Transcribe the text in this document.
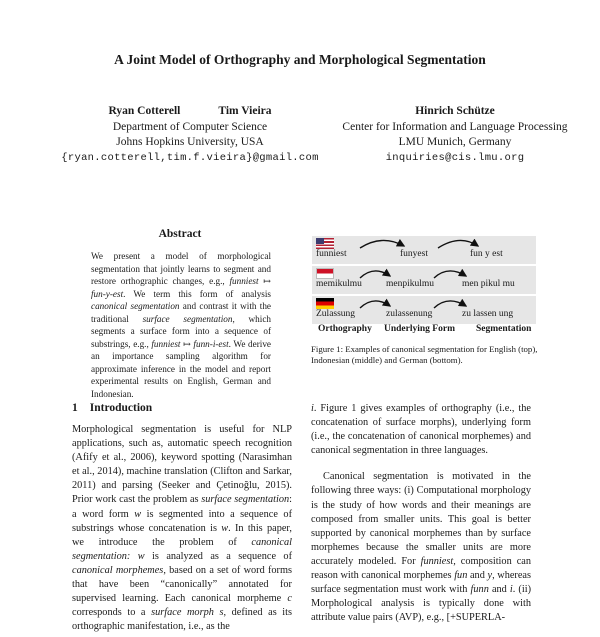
A Joint Model of Orthography and Morphological Segmentation
Ryan Cotterell	Tim Vieira
Department of Computer Science
Johns Hopkins University, USA
{ryan.cotterell,tim.f.vieira}@gmail.com
Hinrich Schütze
Center for Information and Language Processing
LMU Munich, Germany
inquiries@cis.lmu.org
Abstract
We present a model of morphological segmentation that jointly learns to segment and restore orthographic changes, e.g., funniest ↦ fun-y-est. We term this form of analysis canonical segmentation and contrast it with the traditional surface segmentation, which segments a surface form into a sequence of substrings, e.g., funniest ↦ funn-i-est. We derive an importance sampling algorithm for approximate inference in the model and report experimental results on English, German and Indonesian.
funniest	funyest	fun y est
memikulmu	menpikulmu	men pikul mu
Zulassung	zulassenung	zu lassen ung
Orthography Underlying Form Segmentation
Figure 1: Examples of canonical segmentation for English (top), Indonesian (middle) and German (bottom).
1 Introduction
Morphological segmentation is useful for NLP applications, such as, automatic speech recognition (Afify et al., 2006), keyword spotting (Narasimhan et al., 2014), machine translation (Clifton and Sarkar, 2011) and parsing (Seeker and Çetinoğlu, 2015). Prior work cast the problem as surface segmentation: a word form w is segmented into a sequence of substrings whose concatenation is w. In this paper, we introduce the problem of canonical segmentation: w is analyzed as a sequence of canonical morphemes, based on a set of word forms that have been “canonically” annotated for supervised learning. Each canonical morpheme c corresponds to a surface morph s, defined as its orthographic manifestation, i.e., as the

i. Figure 1 gives examples of orthography (i.e., the concatenation of surface morphs), underlying form (i.e., the concatenation of canonical morphemes) and canonical segmentation in three languages.

Canonical segmentation is motivated in the following three ways: (i) Computational morphology is the study of how words and their meanings are composed from smaller units. This goal is better supported by canonical morphemes than by surface morphemes because the smaller units are more accurately modeled. For funniest, composition can reason with canonical morphemes fun and y, whereas surface segmentation must work with funn and i. (ii) Morphological analysis is typically done with attribute value pairs (AVP), e.g., [+SUPERLA-
